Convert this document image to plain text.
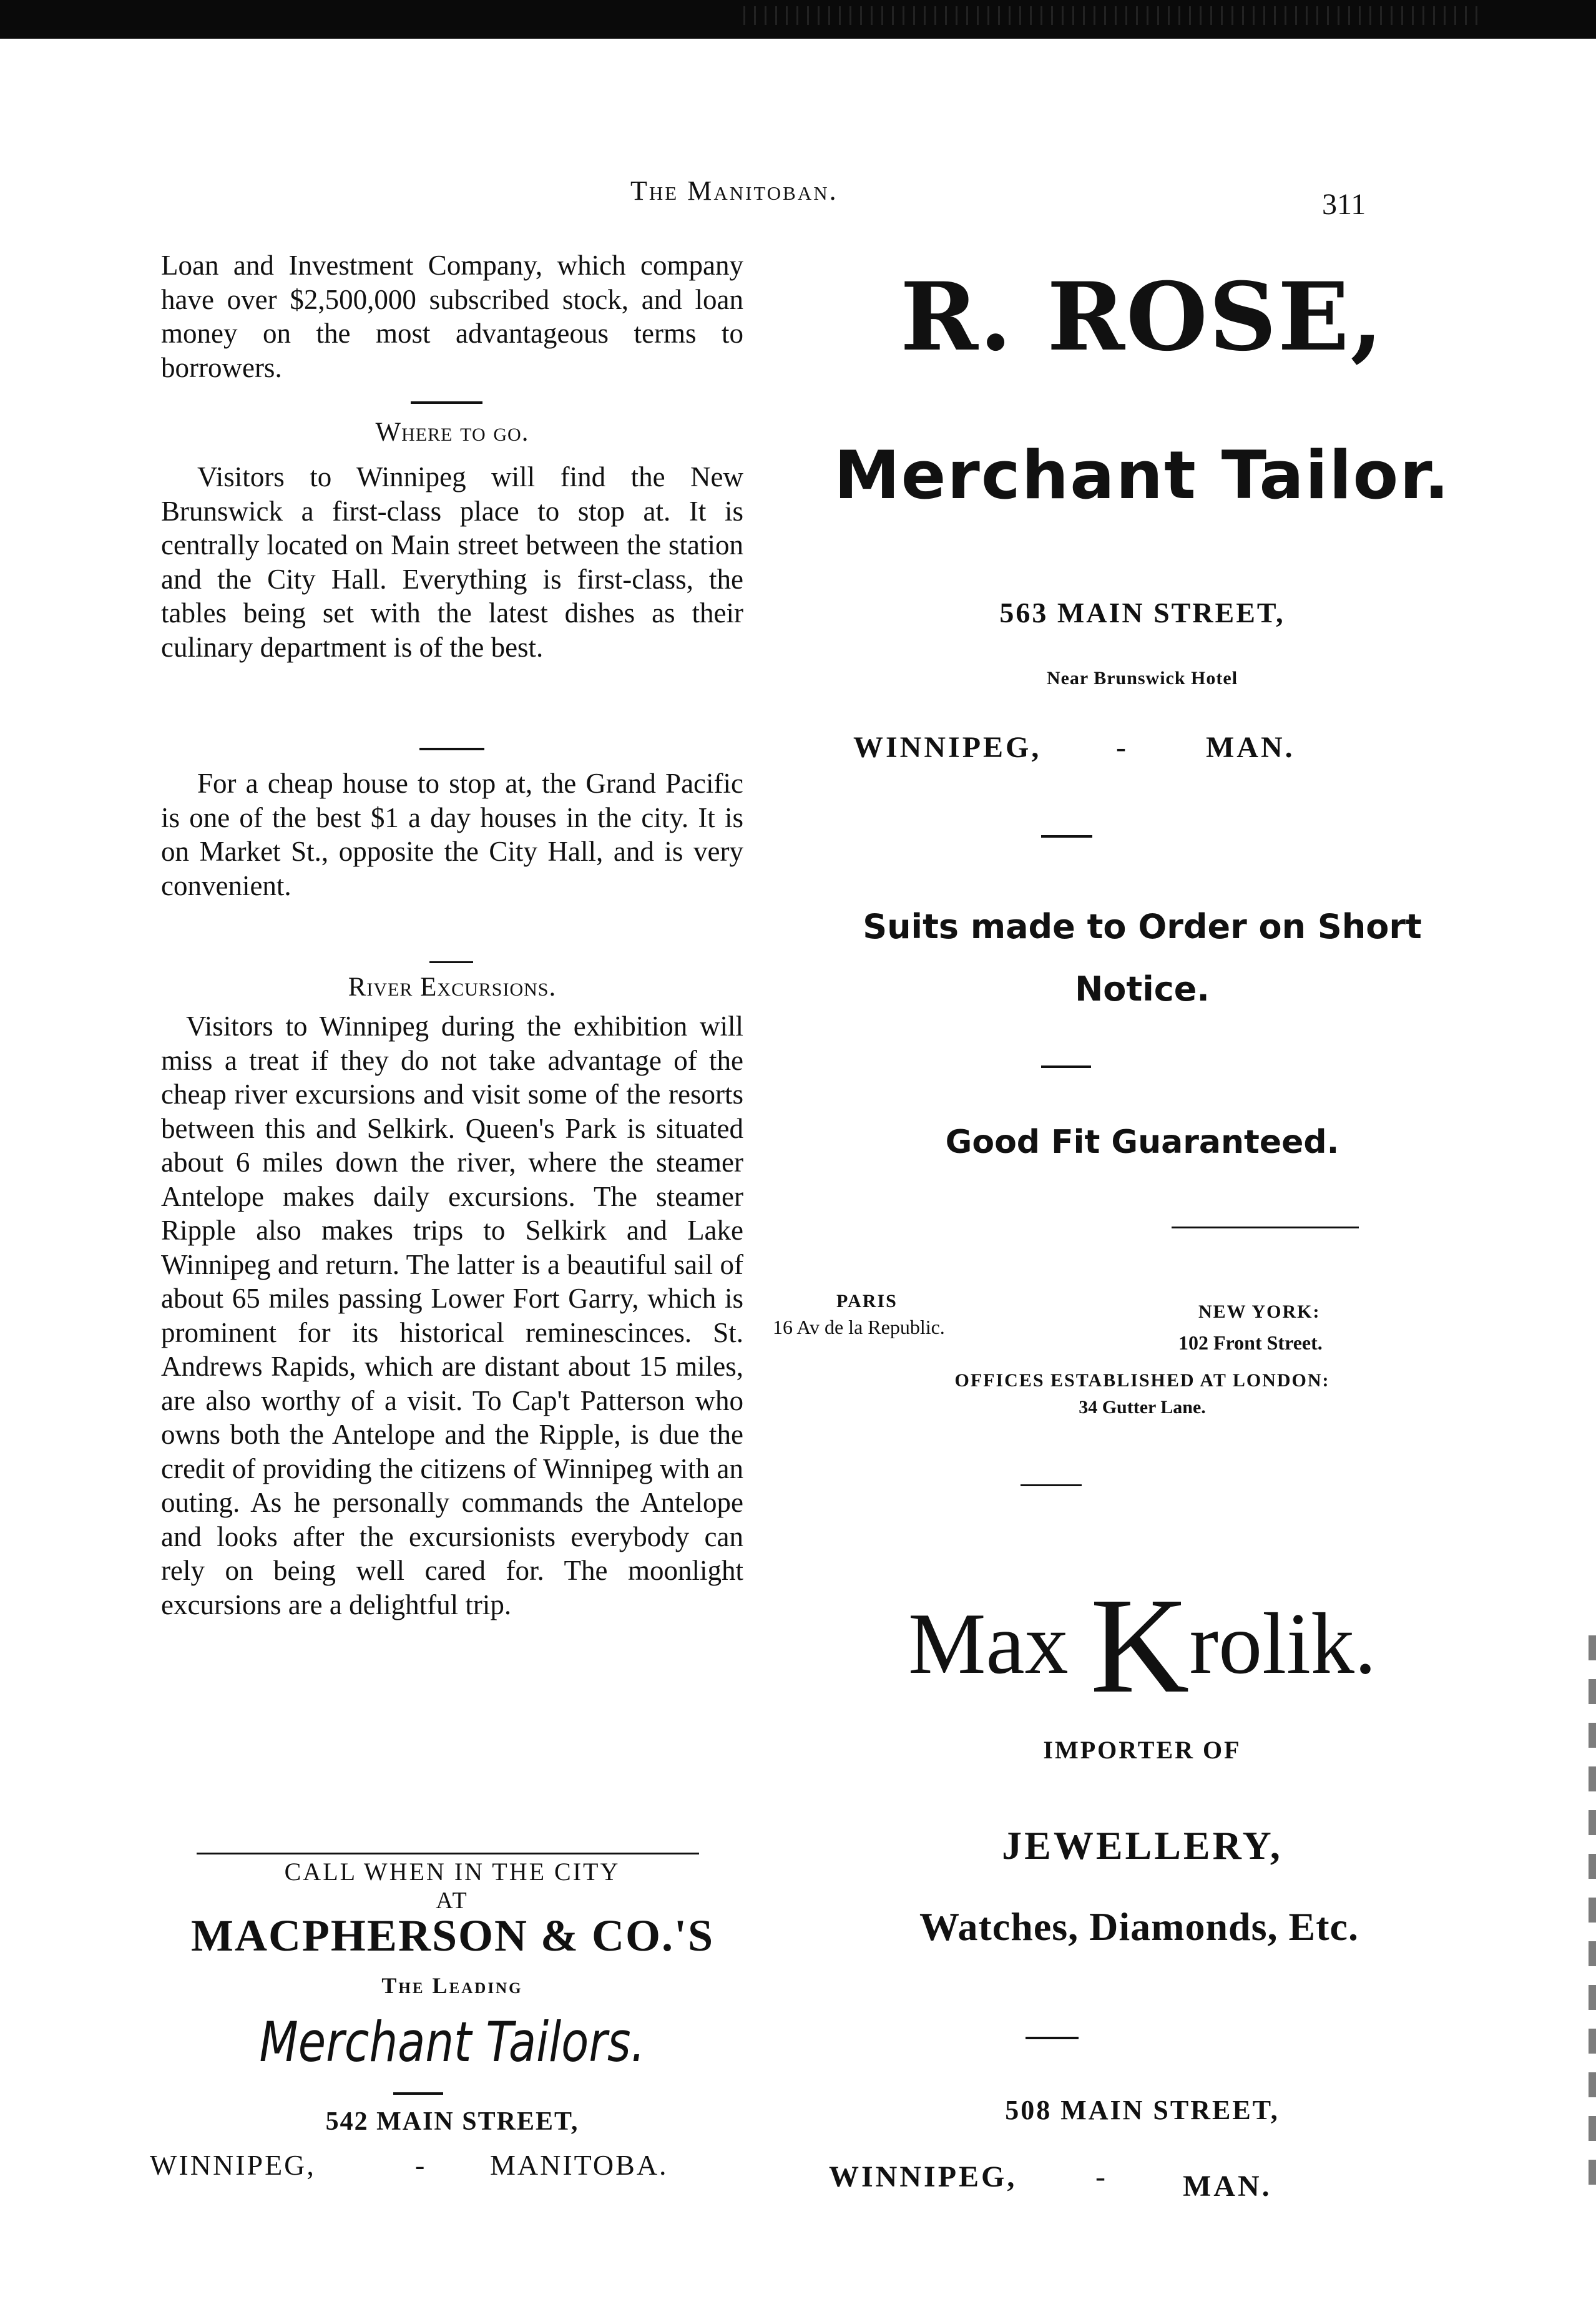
The Manitoban.	311
Loan and Investment Company, which company have over $2,500,000 subscribed stock, and loan money on the most advantageous terms to borrowers.
Where to go.
Visitors to Winnipeg will find the New Brunswick a first-class place to stop at. It is centrally located on Main street between the station and the City Hall. Everything is first-class, the tables being set with the latest dishes as their culinary department is of the best.
For a cheap house to stop at, the Grand Pacific is one of the best $1 a day houses in the city. It is on Market St., opposite the City Hall, and is very convenient.
River Excursions.
Visitors to Winnipeg during the exhibition will miss a treat if they do not take advantage of the cheap river excursions and visit some of the resorts between this and Selkirk. Queen's Park is situated about 6 miles down the river, where the steamer Antelope makes daily excursions. The steamer Ripple also makes trips to Selkirk and Lake Winnipeg and return. The latter is a beautiful sail of about 65 miles passing Lower Fort Garry, which is prominent for its historical reminescinces. St. Andrews Rapids, which are distant about 15 miles, are also worthy of a visit. To Cap't Patterson who owns both the Antelope and the Ripple, is due the credit of providing the citizens of Winnipeg with an outing. As he personally commands the Antelope and looks after the excursionists everybody can rely on being well cared for. The moonlight excursions are a delightful trip.
CALL WHEN IN THE CITY
AT
MACPHERSON & CO.'S
The Leading
Merchant Tailors.
542 MAIN STREET,
WINNIPEG,	- MANITOBA.
R. ROSE,
Merchant Tailor.
563 MAIN STREET,
Near Brunswick Hotel
WINNIPEG, -	MAN.
Suits made to Order on Short Notice.
Good Fit Guaranteed.
PARIS
16 Av de la Republic.
NEW YORK:
102 Front Street.
OFFICES ESTABLISHED AT LONDON:
34 Gutter Lane.
Max Krolik.
IMPORTER OF
JEWELLERY,
Watches, Diamonds, Etc.
508 MAIN STREET,
WINNIPEG,	-	MAN.
